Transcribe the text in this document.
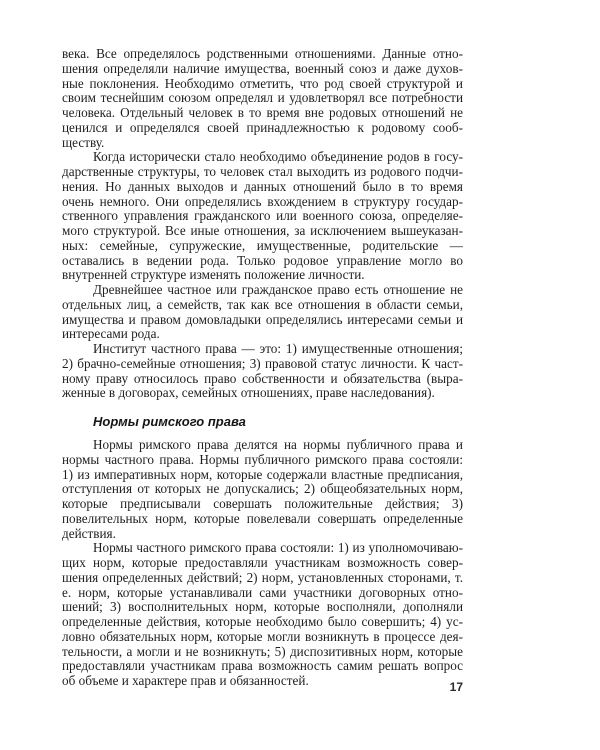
века. Все определялось родственными отношениями. Данные отношения определяли наличие имущества, военный союз и даже духовные поклонения. Необходимо отметить, что род своей структурой и своим теснейшим союзом определял и удовлетворял все потребности человека. Отдельный человек в то время вне родовых отношений не ценился и определялся своей принадлежностью к родовому сообществу.

Когда исторически стало необходимо объединение родов в государственные структуры, то человек стал выходить из родового подчинения. Но данных выходов и данных отношений было в то время очень немного. Они определялись вхождением в структуру государственного управления гражданского или военного союза, определяемого структурой. Все иные отношения, за исключением вышеуказанных: семейные, супружеские, имущественные, родительские — оставались в ведении рода. Только родовое управление могло во внутренней структуре изменять положение личности.

Древнейшее частное или гражданское право есть отношение не отдельных лиц, а семейств, так как все отношения в области семьи, имущества и правом домовладыки определялись интересами семьи и интересами рода.

Институт частного права — это: 1) имущественные отношения; 2) брачно-семейные отношения; 3) правовой статус личности. К частному праву относилось право собственности и обязательства (выраженные в договорах, семейных отношениях, праве наследования).

Нормы римского права

Нормы римского права делятся на нормы публичного права и нормы частного права. Нормы публичного римского права состояли: 1) из императивных норм, которые содержали властные предписания, отступления от которых не допускались; 2) общеобязательных норм, которые предписывали совершать положительные действия; 3) повелительных норм, которые повелевали совершать определенные действия.

Нормы частного римского права состояли: 1) из уполномочивающих норм, которые предоставляли участникам возможность совершения определенных действий; 2) норм, установленных сторонами, т. е. норм, которые устанавливали сами участники договорных отношений; 3) восполнительных норм, которые восполняли, дополняли определенные действия, которые необходимо было совершить; 4) условно обязательных норм, которые могли возникнуть в процессе деятельности, а могли и не возникнуть; 5) диспозитивных норм, которые предоставляли участникам права возможность самим решать вопрос об объеме и характере прав и обязанностей.	17
